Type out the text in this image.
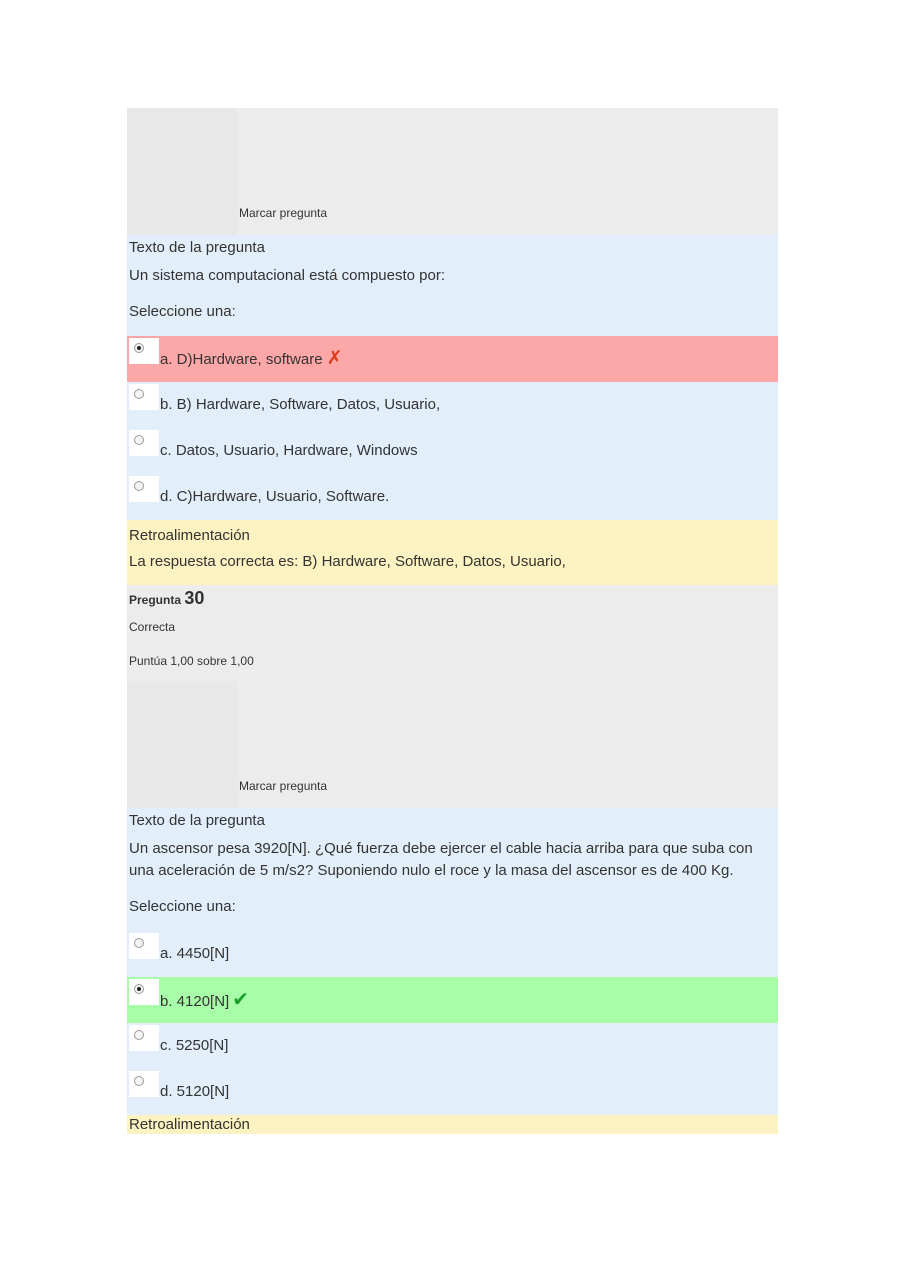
Marcar pregunta
Texto de la pregunta
Un sistema computacional está compuesto por:
Seleccione una:
a. D)Hardware, software ✗
b. B) Hardware, Software, Datos, Usuario,
c. Datos, Usuario, Hardware, Windows
d. C)Hardware, Usuario, Software.
Retroalimentación
La respuesta correcta es: B) Hardware, Software, Datos, Usuario,
Pregunta 30
Correcta
Puntúa 1,00 sobre 1,00
Marcar pregunta
Texto de la pregunta
Un ascensor pesa 3920[N]. ¿Qué fuerza debe ejercer el cable hacia arriba para que suba con una aceleración de 5 m/s2? Suponiendo nulo el roce y la masa del ascensor es de 400 Kg.
Seleccione una:
a. 4450[N]
b. 4120[N] ✔
c. 5250[N]
d. 5120[N]
Retroalimentación
